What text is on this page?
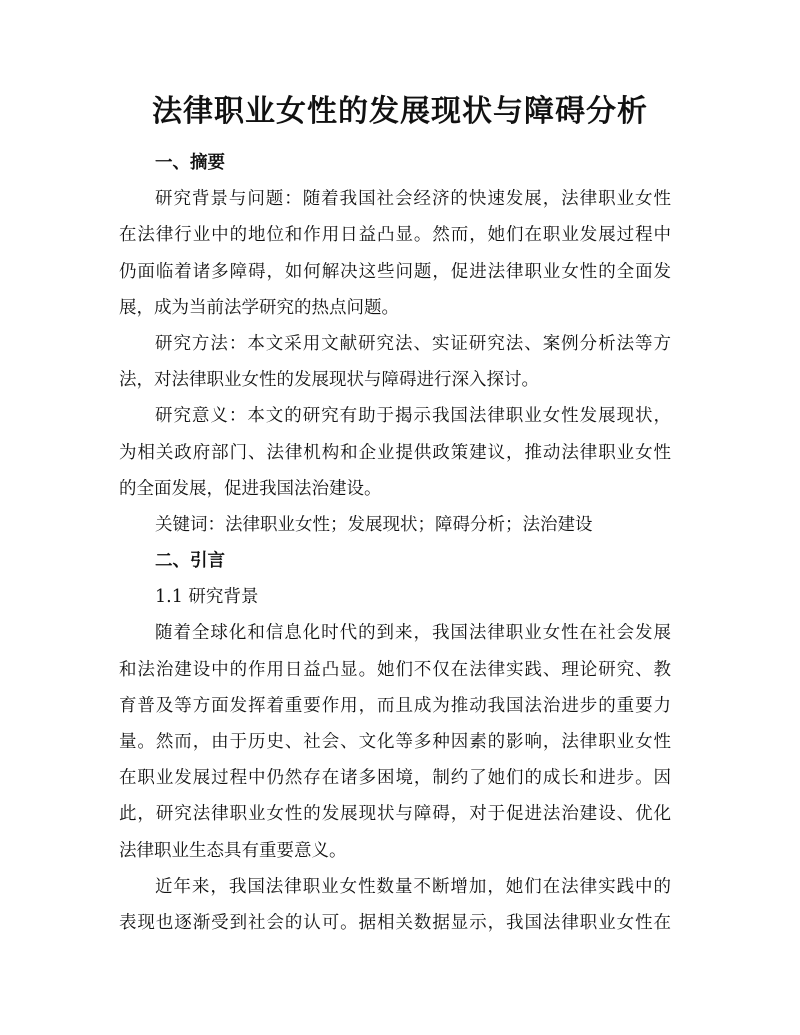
法律职业女性的发展现状与障碍分析
一、摘要
研究背景与问题：随着我国社会经济的快速发展，法律职业女性
在法律行业中的地位和作用日益凸显。然而，她们在职业发展过程中
仍面临着诸多障碍，如何解决这些问题，促进法律职业女性的全面发
展，成为当前法学研究的热点问题。
研究方法：本文采用文献研究法、实证研究法、案例分析法等方
法，对法律职业女性的发展现状与障碍进行深入探讨。
研究意义：本文的研究有助于揭示我国法律职业女性发展现状，
为相关政府部门、法律机构和企业提供政策建议，推动法律职业女性
的全面发展，促进我国法治建设。
关键词：法律职业女性；发展现状；障碍分析；法治建设
二、引言
1.1 研究背景
随着全球化和信息化时代的到来，我国法律职业女性在社会发展
和法治建设中的作用日益凸显。她们不仅在法律实践、理论研究、教
育普及等方面发挥着重要作用，而且成为推动我国法治进步的重要力
量。然而，由于历史、社会、文化等多种因素的影响，法律职业女性
在职业发展过程中仍然存在诸多困境，制约了她们的成长和进步。因
此，研究法律职业女性的发展现状与障碍，对于促进法治建设、优化
法律职业生态具有重要意义。
近年来，我国法律职业女性数量不断增加，她们在法律实践中的
表现也逐渐受到社会的认可。据相关数据显示，我国法律职业女性在
